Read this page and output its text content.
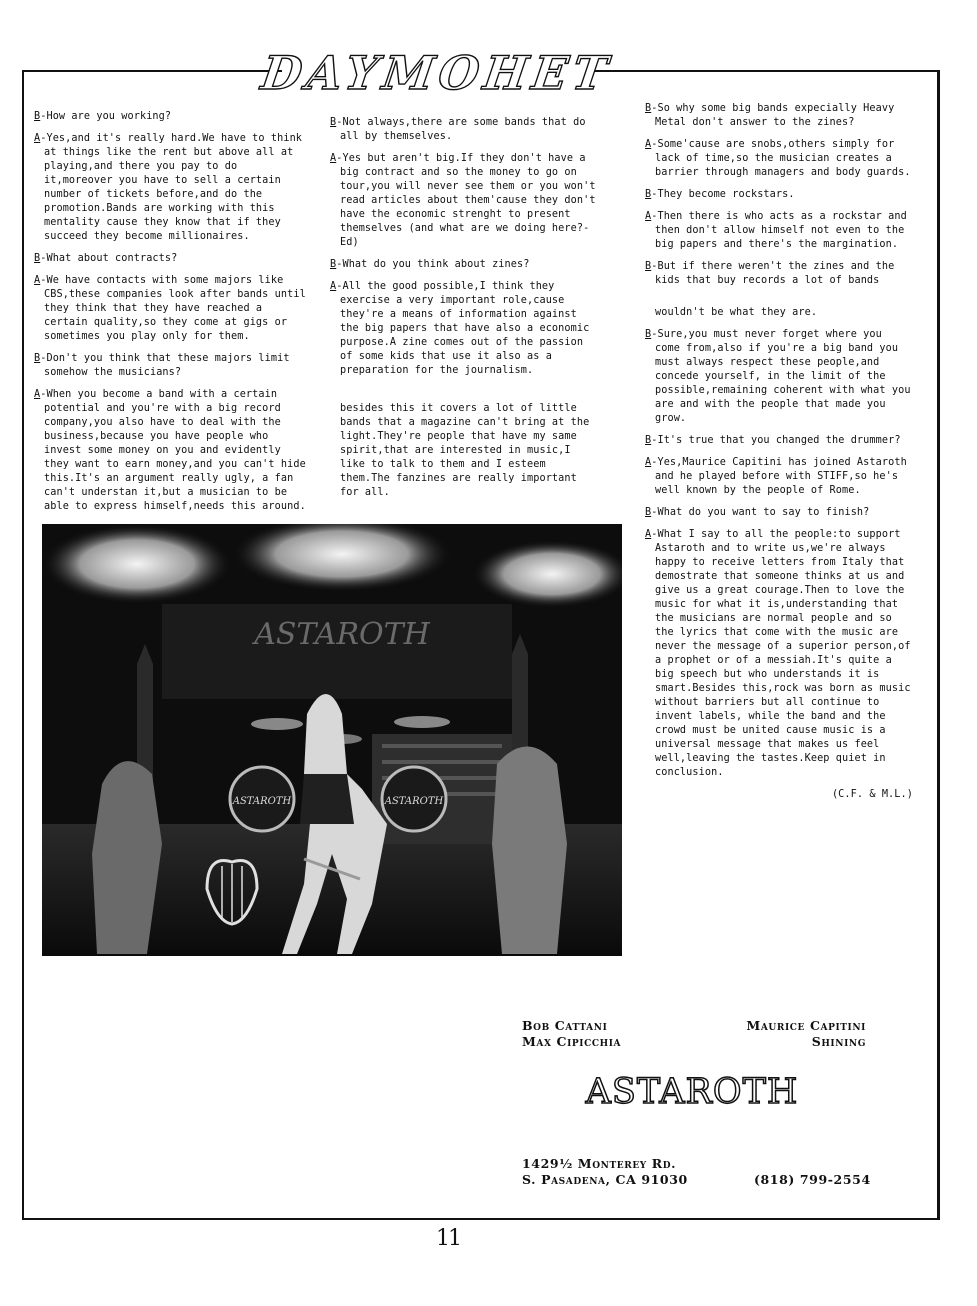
DAYMOHET

B-How are you working?

A-Yes,and it's really hard.We have to think at things like the rent but above all at playing,and there you pay to do it,moreover you have to sell a certain number of tickets before,and do the promotion.Bands are working with this mentality cause they know that if they succeed they become millionaires.

B-What about contracts?

A-We have contacts with some majors like CBS,these companies look after bands until they think that they have reached a certain quality,so they come at gigs or sometimes you play only for them.

B-Don't you think that these majors limit somehow the musicians?

A-When you become a band with a certain potential and you're with a big record company,you also have to deal with the business,because you have people who invest some money on you and evidently they want to earn money,and you can't hide this.It's an argument really ugly, a fan can't understan it,but a musician to be able to express himself,needs this around.

B-Not always,there are some bands that do all by themselves.

A-Yes but aren't big.If they don't have a big contract and so the money to go on tour,you will never see them or you won't read articles about them'cause they don't have the economic strenght to present themselves (and what are we doing here?-Ed)

B-What do you think about zines?

A-All the good possible,I think they exercise a very important role,cause they're a means of information against the big papers that have also a economic purpose.A zine comes out of the passion of some kids that use it also as a preparation for the journalism.

besides this it covers a lot of little bands that a magazine can't bring at the light.They're people that have my same spirit,that are interested in music,I like to talk to them and I esteem them.The fanzines are really important for all.

B-So why some big bands expecially Heavy Metal don't answer to the zines?

A-Some'cause are snobs,others simply for lack of time,so the musician creates a barrier through managers and body guards.

B-They become rockstars.

A-Then there is who acts as a rockstar and then don't allow himself not even to the big papers and there's the margination.

B-But if there weren't the zines and the kids that buy records a lot of bands

wouldn't be what they are.

B-Sure,you must never forget where you come from,also if you're a big band you must always respect these people,and concede yourself, in the limit of the possible,remaining coherent with what you are and with the people that made you grow.

B-It's true that you changed the drummer?

A-Yes,Maurice Capitini has joined Astaroth and he played before with STIFF,so he's well known by the people of Rome.

B-What do you want to say to finish?

A-What I say to all the people:to support Astaroth and to write us,we're always happy to receive letters from Italy that demostrate that someone thinks at us and give us a great courage.Then to love the music for what it is,understanding that the musicians are normal people and so the lyrics that come with the music are never the message of a superior person,of a prophet or of a messiah.It's quite a big speech but who understands it is smart.Besides this,rock was born as music without barriers but all continue to invent labels, while the band and the crowd must be united cause music is a universal message that makes us feel well,leaving the tastes.Keep quiet in conclusion.

(C.F. & M.L.)

ASTAROTH
ASTAROTH	ASTAROTH
Bob Cattani
Max Cipicchia
Maurice Capitini
Shining
ASTAROTH
1429½ Monterey Rd.
S. Pasadena, CA 91030	(818) 799-2554
11
